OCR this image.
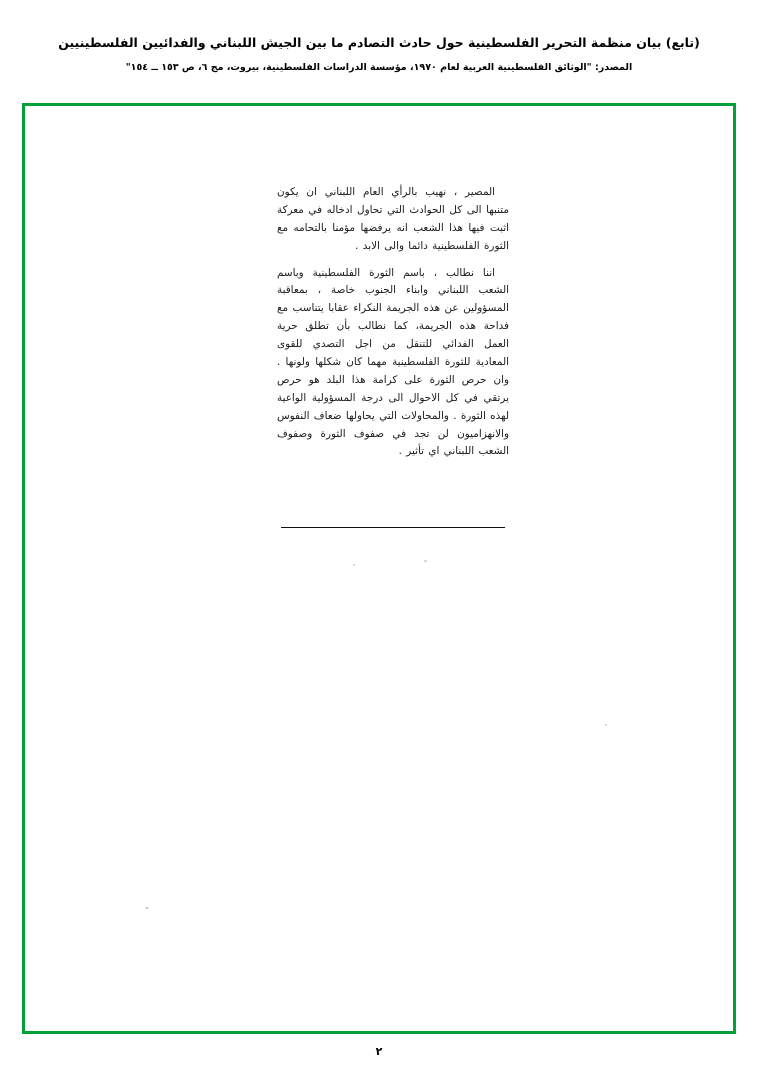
(تابع) بيان منظمة التحرير الفلسطينية حول حادث التصادم ما بين الجيش اللبناني والفدائيين الفلسطينيين
المصدر: "الوثائق الفلسطينية العربية لعام ١٩٧٠، مؤسسة الدراسات الفلسطينية، بيروت، مج ٦، ص ١٥٣ ــ ١٥٤"

المصير ، نهيب بالرأي العام اللبناني ان يكون متنبها الى كل الحوادث التي تحاول ادخاله في معركة اثبت فيها هذا الشعب انه يرفضها مؤمنا بالتحامه مع الثورة الفلسطينية دائما والى الابد .

اننا نطالب ، باسم الثورة الفلسطينية وباسم الشعب اللبناني وابناء الجنوب خاصة ، بمعاقبة المسؤولين عن هذه الجريمة النكراء عقابا يتناسب مع فداحة هذه الجريمة، كما نطالب بأن تطلق حرية العمل الفدائي للتنقل من اجل التصدي للقوى المعادية للثورة الفلسطينية مهما كان شكلها ولونها . وان حرص الثورة على كرامة هذا البلد هو حرص يرتقي في كل الاحوال الى درجة المسؤولية الواعية لهذه الثورة . والمحاولات التي يحاولها ضعاف النفوس والانهزاميون لن تجد في صفوف الثورة وصفوف الشعب اللبناني اي تأثير .

٢
